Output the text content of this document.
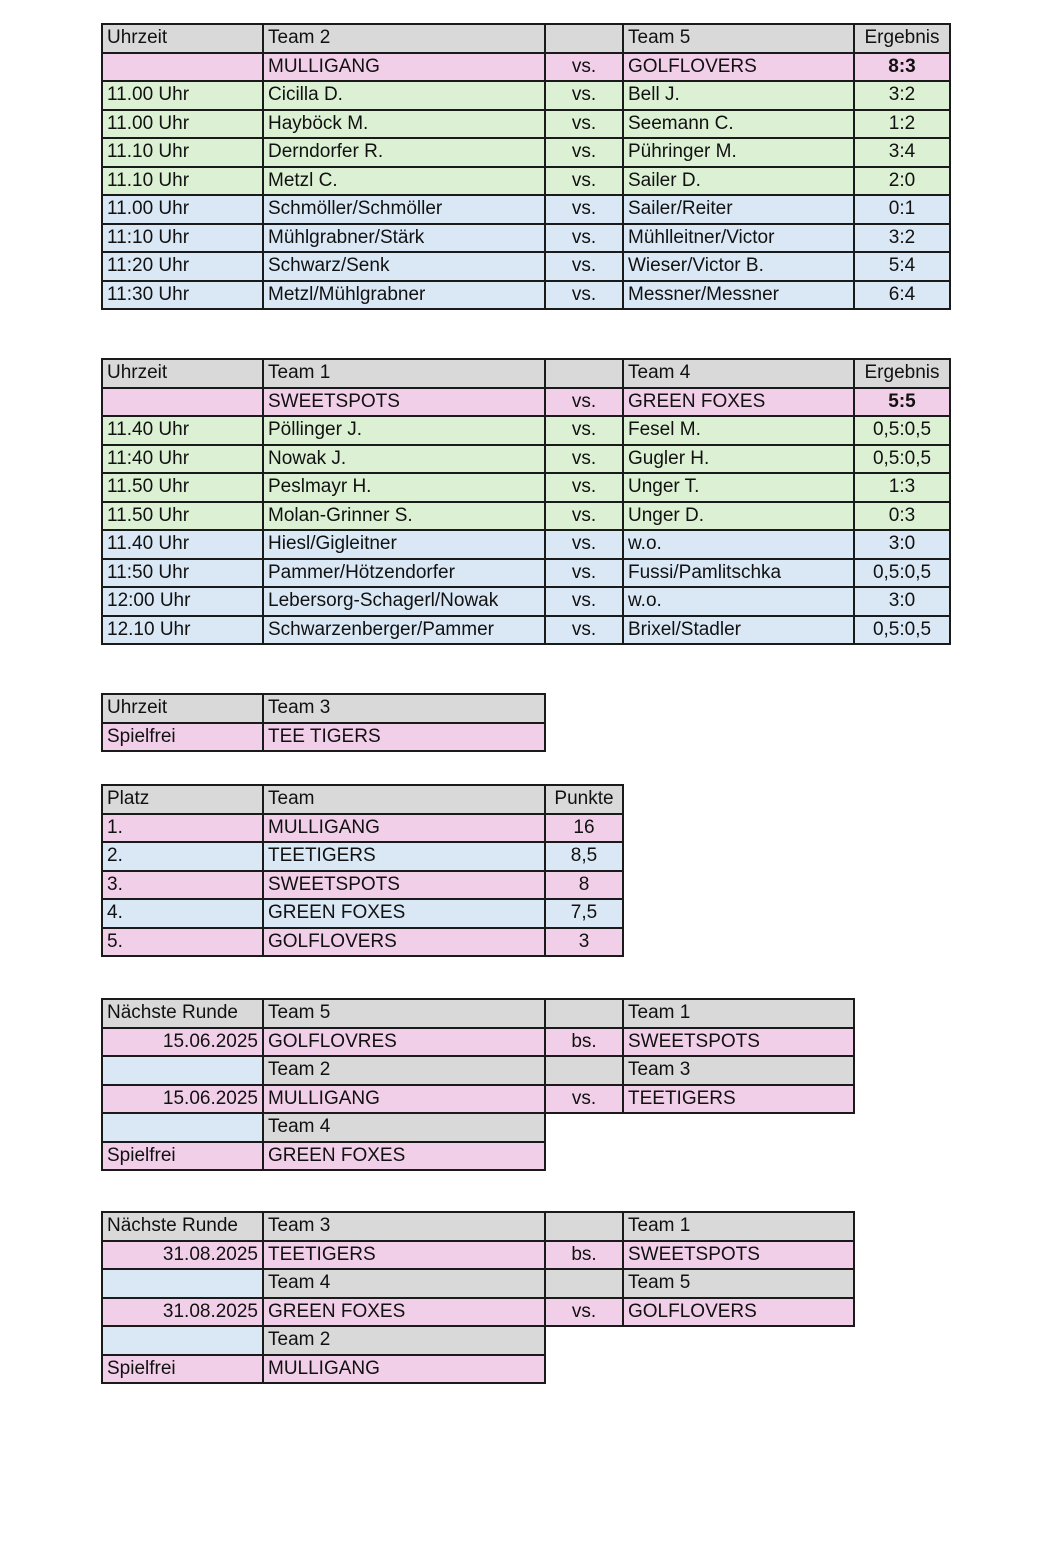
Uhrzeit	Team 2		Team 5	Ergebnis
	MULLIGANG	vs.	GOLFLOVERS	8:3
11.00 Uhr	Cicilla D.	vs.	Bell J.	3:2
11.00 Uhr	Hayböck M.	vs.	Seemann C.	1:2
11.10 Uhr	Derndorfer R.	vs.	Pühringer M.	3:4
11.10 Uhr	Metzl C.	vs.	Sailer D.	2:0
11.00 Uhr	Schmöller/Schmöller	vs.	Sailer/Reiter	0:1
11:10 Uhr	Mühlgrabner/Stärk	vs.	Mühlleitner/Victor	3:2
11:20 Uhr	Schwarz/Senk	vs.	Wieser/Victor B.	5:4
11:30 Uhr	Metzl/Mühlgrabner	vs.	Messner/Messner	6:4
Uhrzeit	Team 1		Team 4	Ergebnis
	SWEETSPOTS	vs.	GREEN FOXES	5:5
11.40 Uhr	Pöllinger J.	vs.	Fesel M.	0,5:0,5
11:40 Uhr	Nowak J.	vs.	Gugler H.	0,5:0,5
11.50 Uhr	Peslmayr H.	vs.	Unger T.	1:3
11.50 Uhr	Molan-Grinner S.	vs.	Unger D.	0:3
11.40 Uhr	Hiesl/Gigleitner	vs.	w.o.	3:0
11:50 Uhr	Pammer/Hötzendorfer	vs.	Fussi/Pamlitschka	0,5:0,5
12:00 Uhr	Lebersorg-Schagerl/Nowak	vs.	w.o.	3:0
12.10 Uhr	Schwarzenberger/Pammer	vs.	Brixel/Stadler	0,5:0,5
Uhrzeit	Team 3
Spielfrei	TEE TIGERS
Platz	Team	Punkte
1.	MULLIGANG	16
2.	TEETIGERS	8,5
3.	SWEETSPOTS	8
4.	GREEN FOXES	7,5
5.	GOLFLOVERS	3
Nächste Runde	Team 5		Team 1
15.06.2025	GOLFLOVRES	bs.	SWEETSPOTS
	Team 2		Team 3
15.06.2025	MULLIGANG	vs.	TEETIGERS
	Team 4		
Spielfrei	GREEN FOXES		
Nächste Runde	Team 3		Team 1
31.08.2025	TEETIGERS	bs.	SWEETSPOTS
	Team 4		Team 5
31.08.2025	GREEN FOXES	vs.	GOLFLOVERS
	Team 2		
Spielfrei	MULLIGANG		
